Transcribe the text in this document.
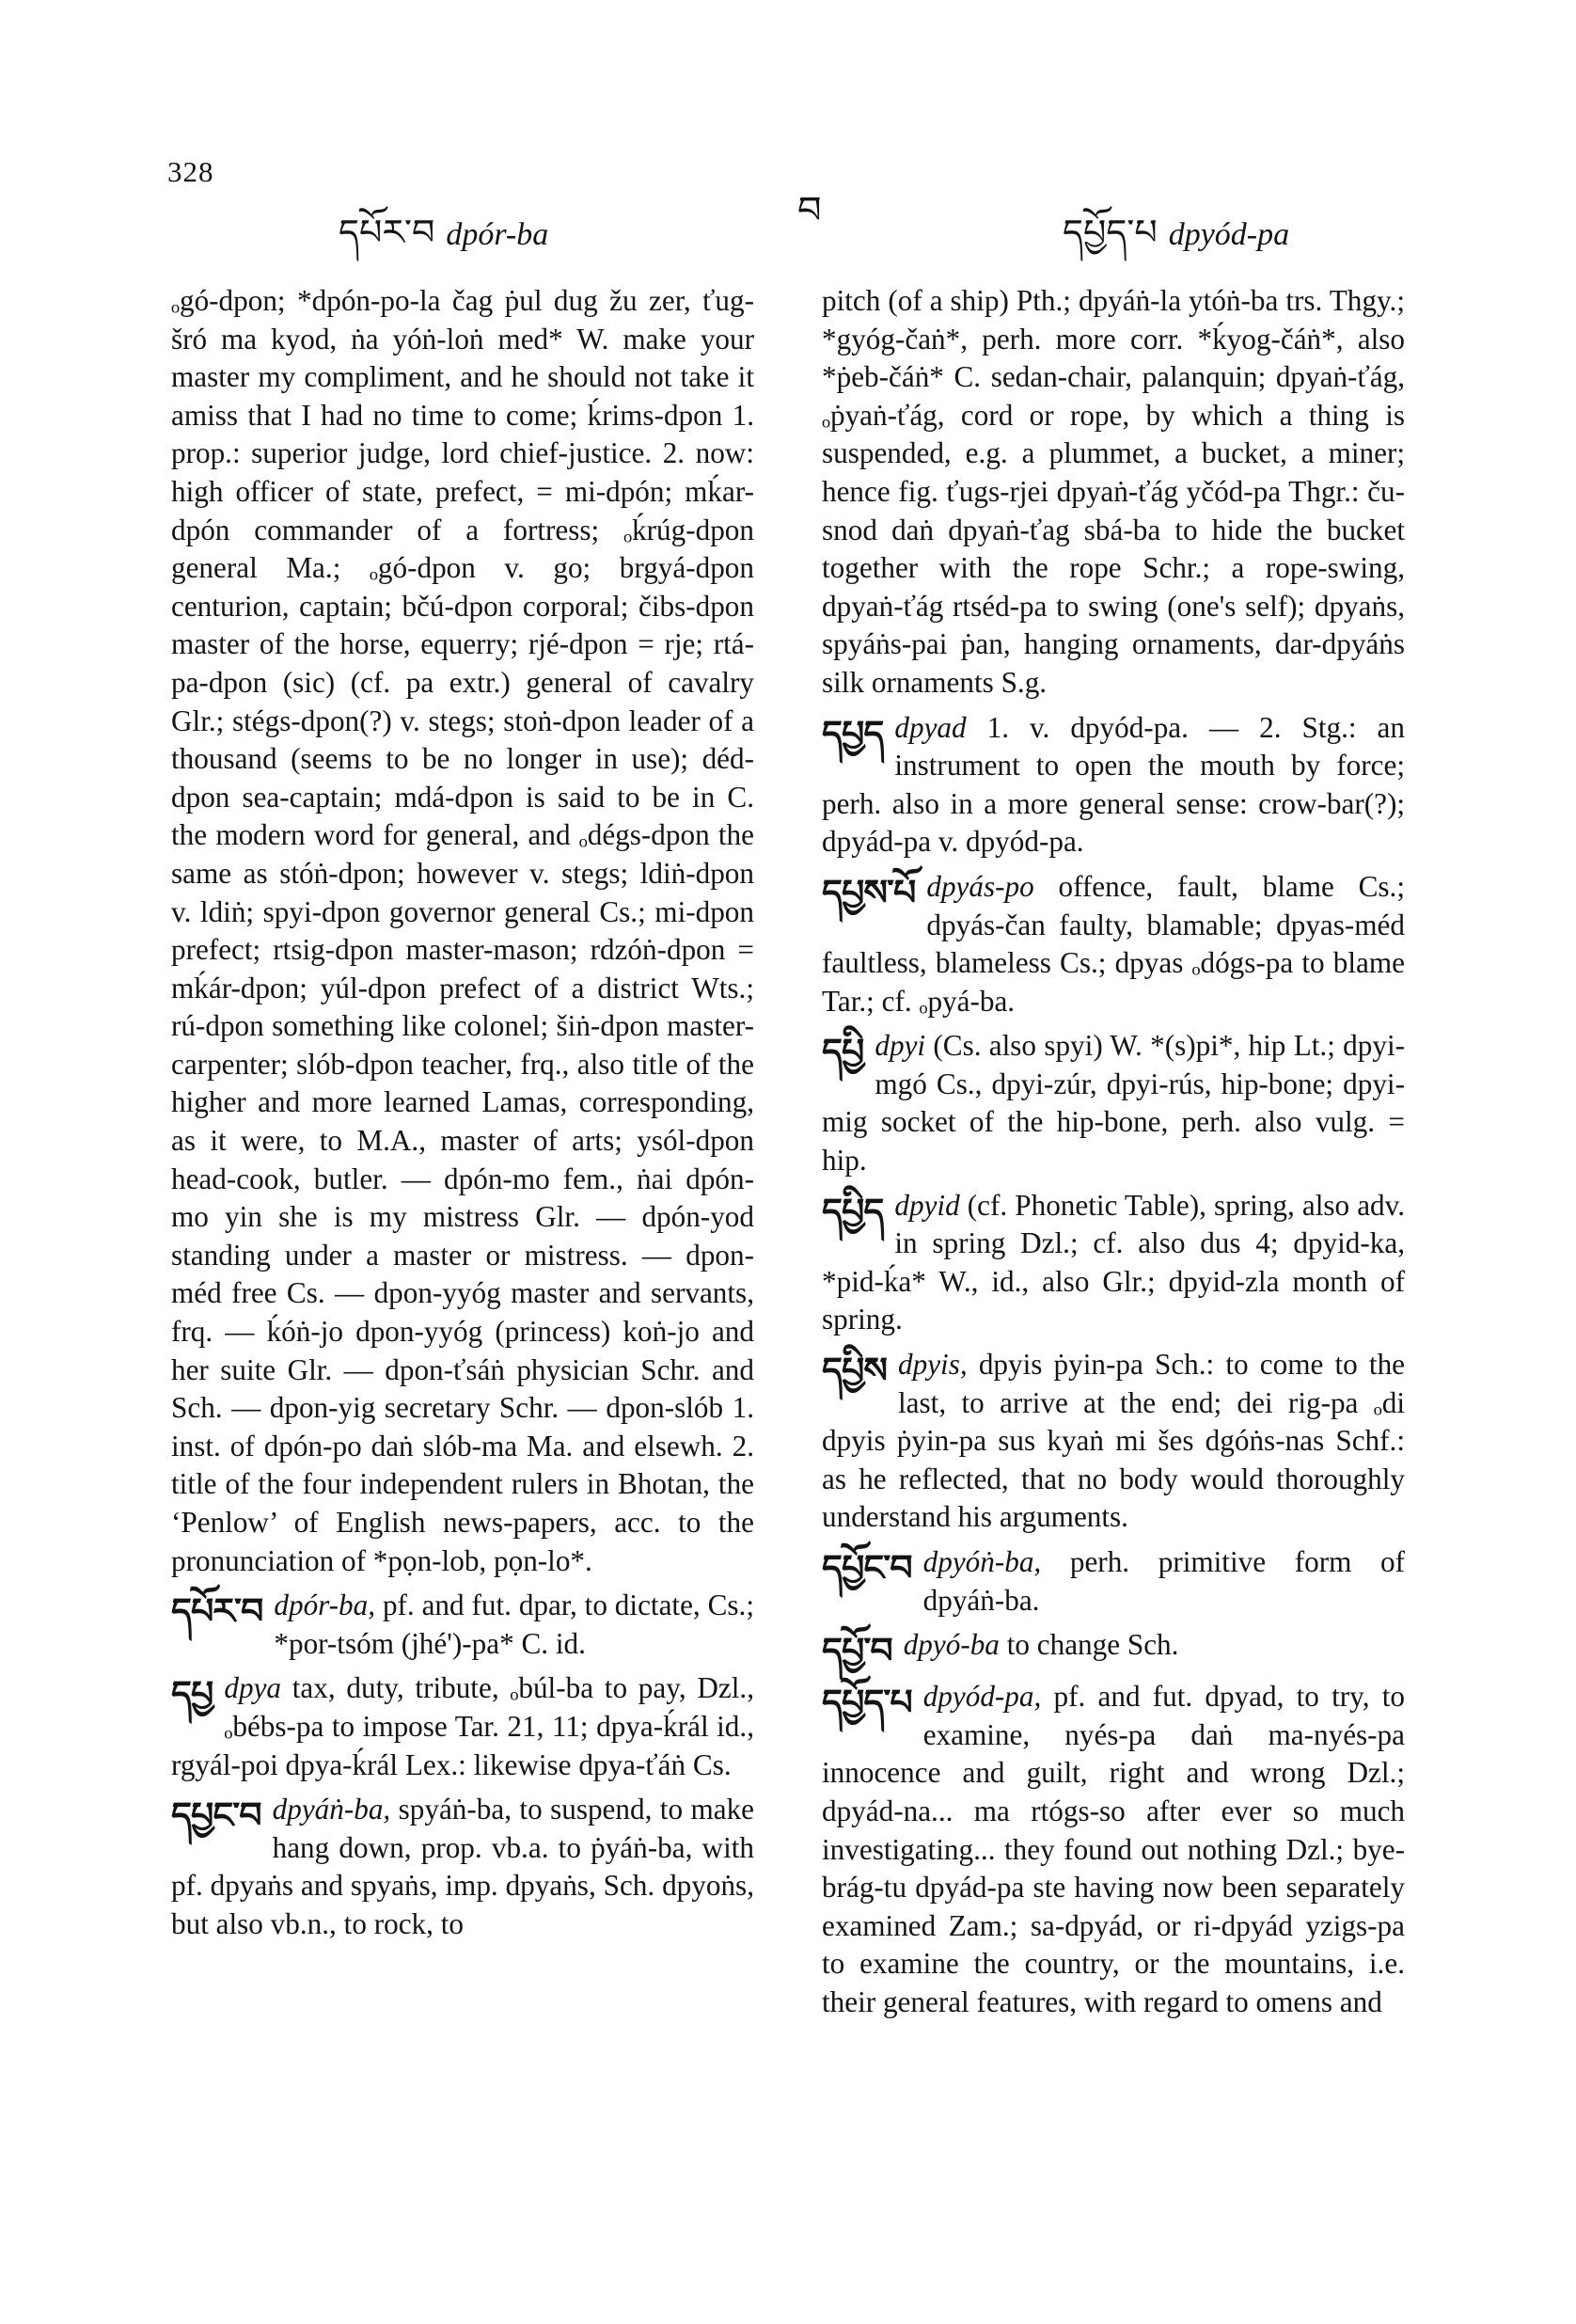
328
དཔོར་བ dpór-ba
བ	དཔྱོད་པ dpyód-pa
ₒgó-dpon; *dpón-po-la čag ṗul dug žu zer, ťug-šró ma kyod, ṅa yóṅ-loṅ med* W. make your master my compliment, and he should not take it amiss that I had no time to come; ḱrims-dpon 1. prop.: superior judge, lord chief-justice. 2. now: high officer of state, prefect, = mi-dpón; mḱar-dpón commander of a fortress; ₒḱrúg-dpon general Ma.; ₒgó-dpon v. go; brgyá-dpon centurion, captain; bčú-dpon corporal; čibs-dpon master of the horse, equerry; rjé-dpon = rje; rtá-pa-dpon (sic) (cf. pa extr.) general of cavalry Glr.; stégs-dpon(?) v. stegs; stoṅ-dpon leader of a thousand (seems to be no longer in use); déd-dpon sea-captain; mdá-dpon is said to be in C. the modern word for general, and ₒdégs-dpon the same as stóṅ-dpon; however v. stegs; ldiṅ-dpon v. ldiṅ; spyi-dpon governor general Cs.; mi-dpon prefect; rtsig-dpon master-mason; rdzóṅ-dpon = mḱár-dpon; yúl-dpon prefect of a district Wts.; rú-dpon something like colonel; šiṅ-dpon master-carpenter; slób-dpon teacher, frq., also title of the higher and more learned Lamas, corresponding, as it were, to M.A., master of arts; ysól-dpon head-cook, butler. — dpón-mo fem., ṅai dpón-mo yin she is my mistress Glr. — dpón-yod standing under a master or mistress. — dpon-méd free Cs. — dpon-yyóg master and servants, frq. — ḱóṅ-jo dpon-yyóg (princess) koṅ-jo and her suite Glr. — dpon-ťsáṅ physician Schr. and Sch. — dpon-yig secretary Schr. — dpon-slób 1. inst. of dpón-po daṅ slób-ma Ma. and elsewh. 2. title of the four independent rulers in Bhotan, the ‘Penlow’ of English news-papers, acc. to the pronunciation of *pọn-lob, pọn-lo*.
དཔོར་བ dpór-ba, pf. and fut. dpar, to dictate, Cs.; *por-tsóm (jhé')-pa* C. id.
དཔྱ dpya tax, duty, tribute, ₒbúl-ba to pay, Dzl., ₒbébs-pa to impose Tar. 21, 11; dpya-ḱrál id., rgyál-poi dpya-ḱrál Lex.: likewise dpya-ťáṅ Cs.
དཔྱང་བ dpyáṅ-ba, spyáṅ-ba, to suspend, to make hang down, prop. vb.a. to ṗyáṅ-ba, with pf. dpyaṅs and spyaṅs, imp. dpyaṅs, Sch. dpyoṅs, but also vb.n., to rock, to
pitch (of a ship) Pth.; dpyáṅ-la ytóṅ-ba trs. Thgy.; *gyóg-čaṅ*, perh. more corr. *ḱyog-čáṅ*, also *ṗeb-čáṅ* C. sedan-chair, palanquin; dpyaṅ-ťág, ₒṗyaṅ-ťág, cord or rope, by which a thing is suspended, e.g. a plummet, a bucket, a miner; hence fig. ťugs-rjei dpyaṅ-ťág yčód-pa Thgr.: ču-snod daṅ dpyaṅ-ťag sbá-ba to hide the bucket together with the rope Schr.; a rope-swing, dpyaṅ-ťág rtséd-pa to swing (one's self); dpyaṅs, spyáṅs-pai ṗan, hanging ornaments, dar-dpyáṅs silk ornaments S.g.
དཔྱད dpyad 1. v. dpyód-pa. — 2. Stg.: an instrument to open the mouth by force; perh. also in a more general sense: crow-bar(?); dpyád-pa v. dpyód-pa.
དཔྱས་པོ dpyás-po offence, fault, blame Cs.; dpyás-čan faulty, blamable; dpyas-méd faultless, blameless Cs.; dpyas ₒdógs-pa to blame Tar.; cf. ₒpyá-ba.
དཔྱི dpyi (Cs. also spyi) W. *(s)pi*, hip Lt.; dpyi-mgó Cs., dpyi-zúr, dpyi-rús, hip-bone; dpyi-mig socket of the hip-bone, perh. also vulg. = hip.
དཔྱིད dpyid (cf. Phonetic Table), spring, also adv. in spring Dzl.; cf. also dus 4; dpyid-ka, *pid-ḱa* W., id., also Glr.; dpyid-zla month of spring.
དཔྱིས dpyis, dpyis ṗyin-pa Sch.: to come to the last, to arrive at the end; dei rig-pa ₒdi dpyis ṗyin-pa sus kyaṅ mi šes dgóṅs-nas Schf.: as he reflected, that no body would thoroughly understand his arguments.
དཔྱོང་བ dpyóṅ-ba, perh. primitive form of dpyáṅ-ba.
དཔྱོ་བ dpyó-ba to change Sch.
དཔྱོད་པ dpyód-pa, pf. and fut. dpyad, to try, to examine, nyés-pa daṅ ma-nyés-pa innocence and guilt, right and wrong Dzl.; dpyád-na... ma rtógs-so after ever so much investigating... they found out nothing Dzl.; bye-brág-tu dpyád-pa ste having now been separately examined Zam.; sa-dpyád, or ri-dpyád yzigs-pa to examine the country, or the mountains, i.e. their general features, with regard to omens and
